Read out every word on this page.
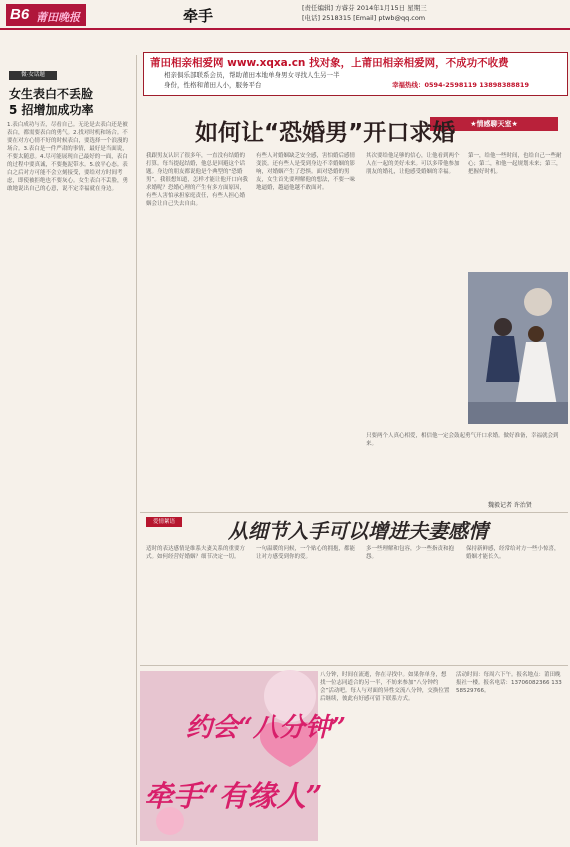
B6 莆田晚报	牵手	[责任编辑] 方睿芬 2014年1月15日 星期三
[电话] 2518315 [Email] ptwb@qq.com
莆田相亲相爱网 www.xqxa.cn 找对象，上莆田相亲相爱网，不成功不收费
相亲俱乐部联系会员，帮助莆田本地单身男女寻找人生另一半
身份，性格和莆田人小，服务平台	幸福热线：0594-2598119 13898388819
微·女话题
女生表白不丢脸
5 招增加成功率
1.表白成功与否，尽看自己。无论是去表白还是被表白，都需要表白的勇气。2.找对时机和场合。不要在对方心情不好的时候表白，要选择一个浪漫的场合。3.表白是一件严肃的事情，最好是当面说，不要太随意。4.尽可能展现自己最好的一面，表白的过程中要真诚，不要拖泥带水。5.放平心态。表白之后对方可能不会立刻接受，要给对方时间考虑，即使被拒绝也不要灰心。女生表白不丢脸，勇敢地说出自己的心意，说不定幸福就在身边。
★情感聊天室★
如何让“恐婚男”开口求婚
我跟男友认识了很多年，一直没有结婚的打算。每当提起结婚，他总是回避这个话题。身边的朋友都说他是个典型的“恐婚男”。我很想知道，怎样才能让他开口向我求婚呢？恐婚心理的产生有多方面原因，有些人害怕承担家庭责任，有些人担心婚姻会让自己失去自由。
有些人对婚姻缺乏安全感，害怕婚后感情变淡。还有些人是受到身边不幸婚姻的影响，对婚姻产生了恐惧。面对恐婚的男友，女生首先要理解他的想法，不要一味地逼婚，越逼他越不敢面对。
其次要给他足够的信心，让他看到两个人在一起的美好未来。可以多带他参加朋友的婚礼，让他感受婚姻的幸福。
第一，给他一些时间，也给自己一些耐心；第二，和他一起规划未来；第三，把握好时机。
只要两个人真心相爱，相信他一定会鼓起勇气开口求婚。做好准备，幸福就会到来。
魏毅记者 许治贤
爱情絮语	从细节入手可以增进夫妻感情
适时的表达感情是维系夫妻关系的重要方式。如何经营好婚姻？细节决定一切。
一句温暖的问候，一个贴心的拥抱，都能让对方感受到你的爱。
多一些理解和包容，少一些指责和抱怨。
保持新鲜感，经常给对方一些小惊喜，婚姻才能长久。
约会“八分钟”
牵手“有缘人”
八分钟，时间在流逝，你在寻找中。如果你单身，想找一位志同道合的另一半，不妨来参加“八分钟约会”活动吧。每人与对面的异性交流八分钟，交换位置后继续，彼此有好感可留下联系方式。
活动时间：每周六下午。报名地点：莆田晚报社一楼。报名电话：13706082366 13358529766。
